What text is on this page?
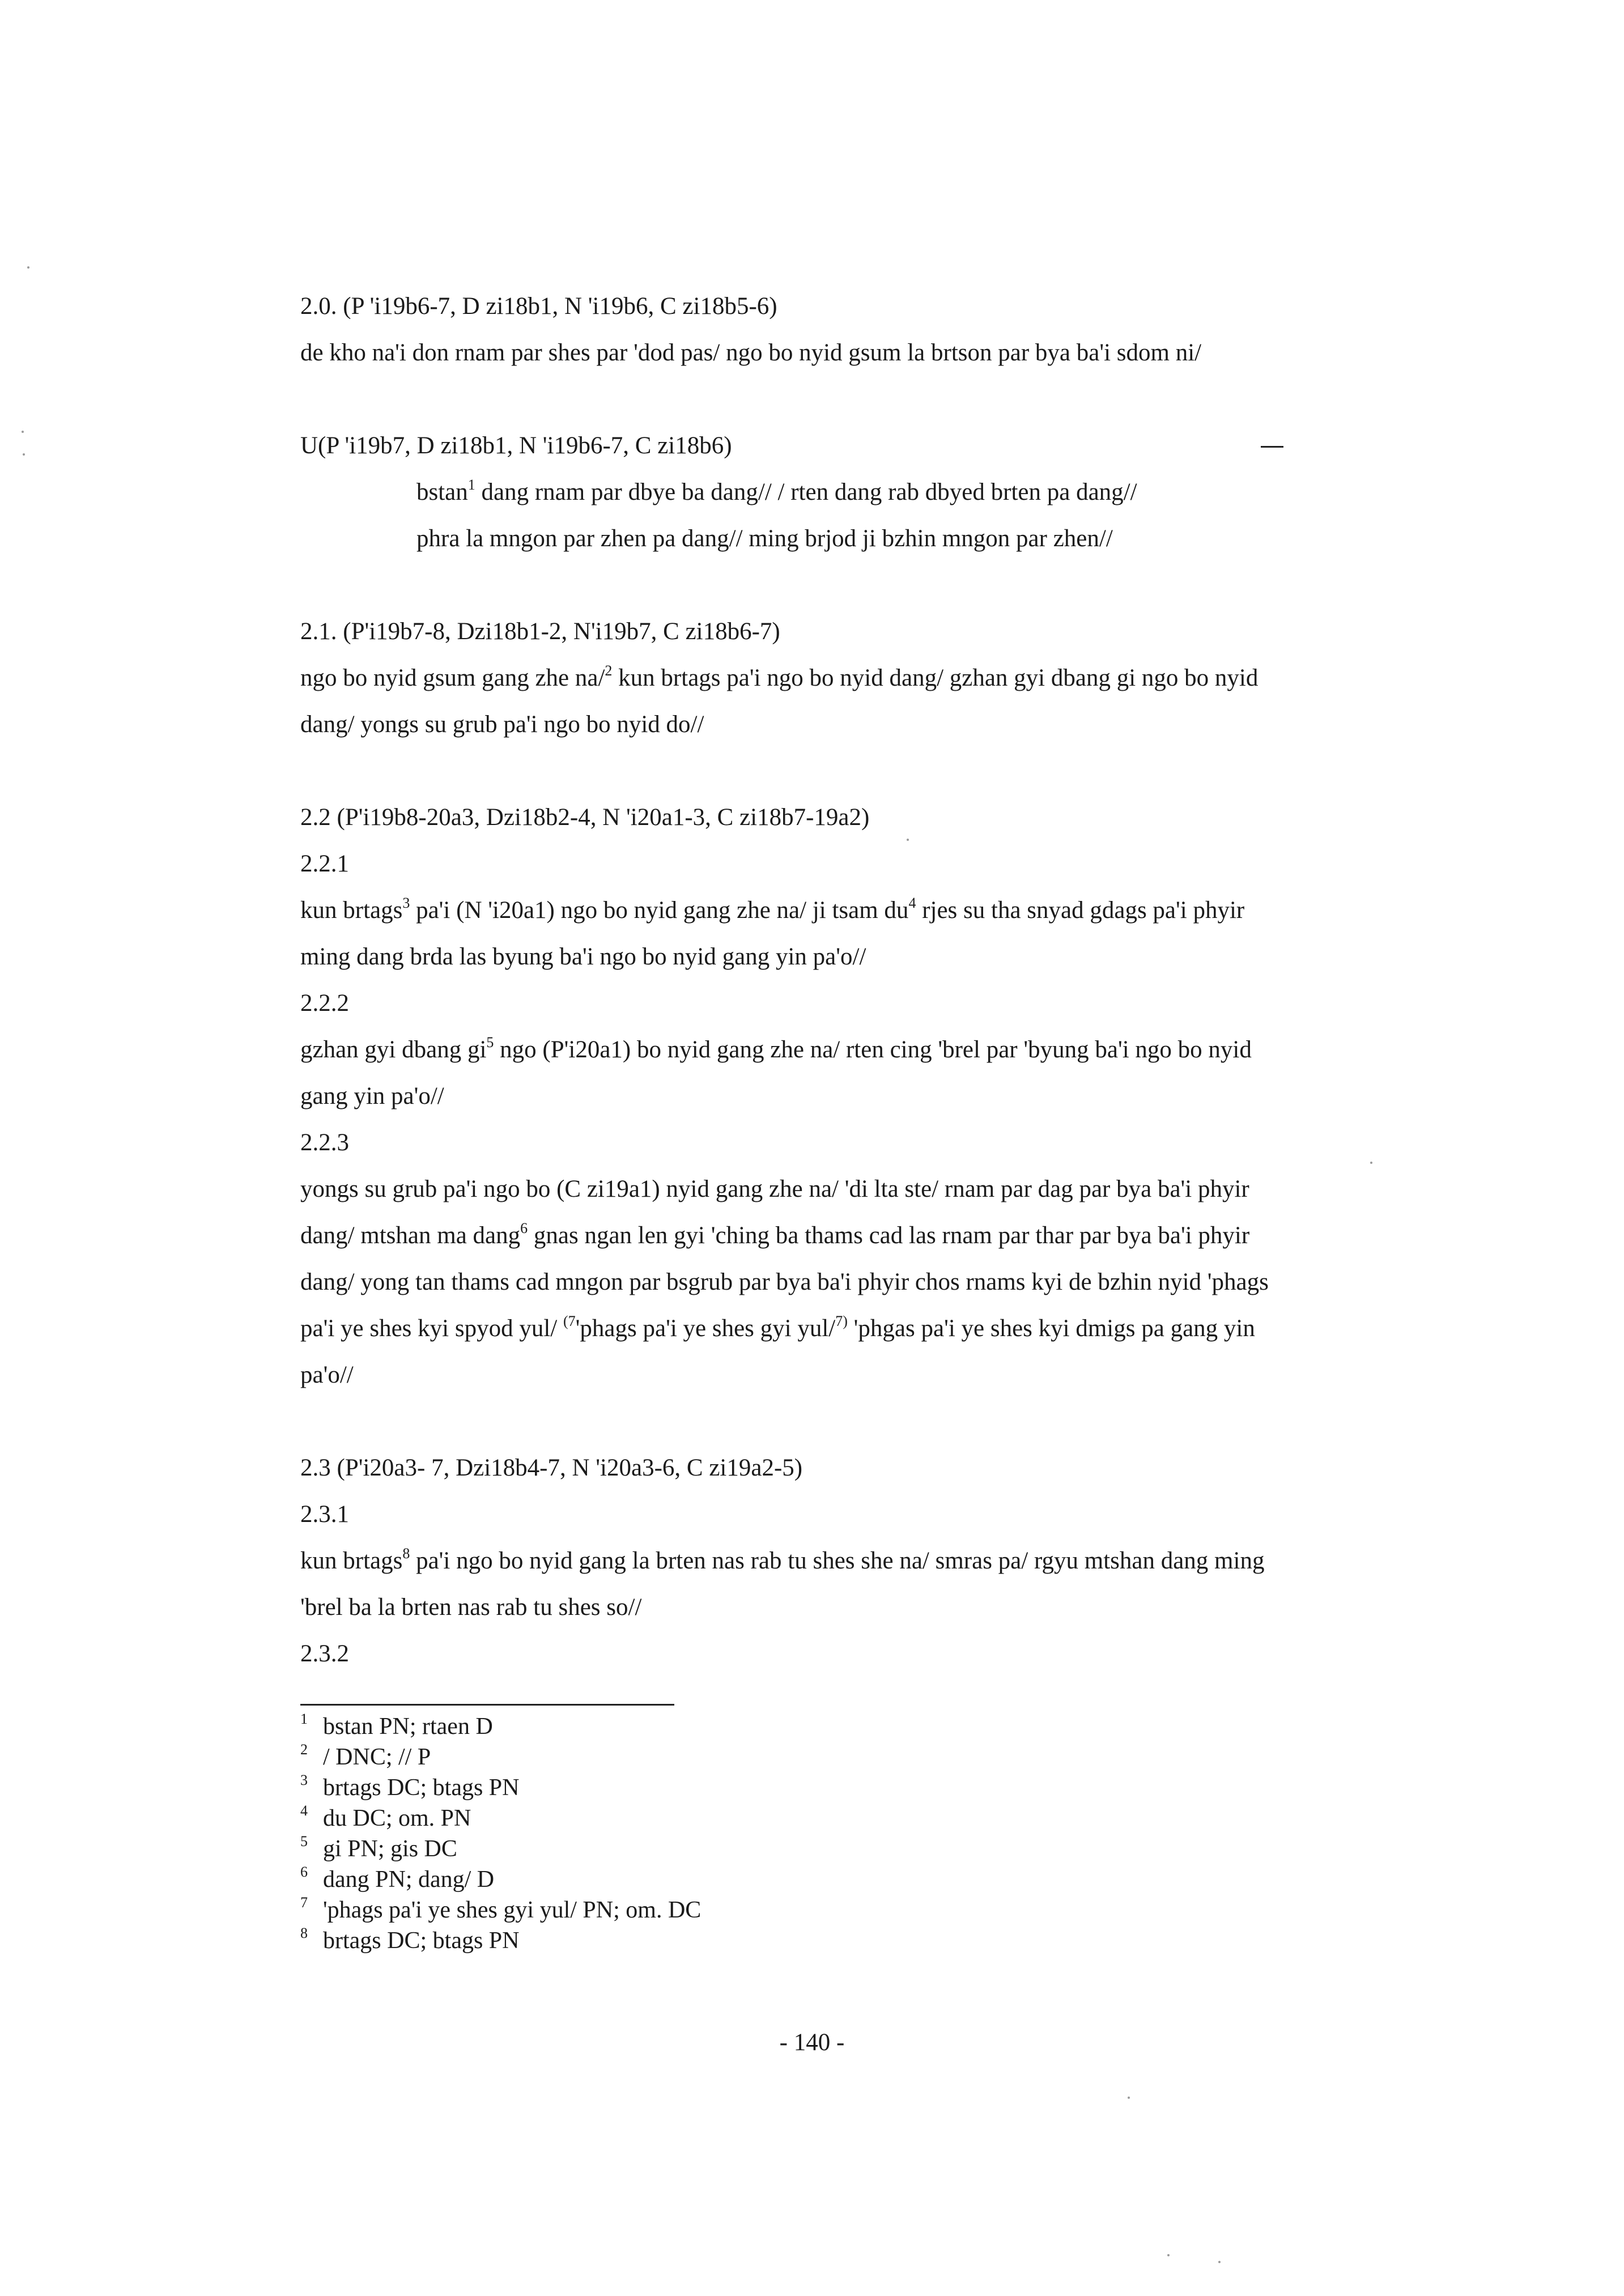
2.0. (P 'i19b6-7, D zi18b1, N 'i19b6, C zi18b5-6)
de kho na'i don rnam par shes par 'dod pas/ ngo bo nyid gsum la brtson par bya ba'i sdom ni/
U(P 'i19b7, D zi18b1, N 'i19b6-7, C zi18b6)
bstan$^1$ dang rnam par dbye ba dang// / rten dang rab dbyed brten pa dang//
phra la mngon par zhen pa dang// ming brjod ji bzhin mngon par zhen//
2.1. (P'i19b7-8, Dzi18b1-2, N'i19b7, C zi18b6-7)
ngo bo nyid gsum gang zhe na/$^2$ kun brtags pa'i ngo bo nyid dang/ gzhan gyi dbang gi ngo bo nyid
dang/ yongs su grub pa'i ngo bo nyid do//
2.2 (P'i19b8-20a3, Dzi18b2-4, N 'i20a1-3, C zi18b7-19a2)
2.2.1
kun brtags$^3$ pa'i (N 'i20a1) ngo bo nyid gang zhe na/ ji tsam $du^4$ rjes su tha snyad gdags pa'i phyir
ming dang brda las byung ba'i ngo bo nyid gang yin pa'o//
2.2.2
gzhan gyi dbang $gi^5$ ngo (P'i20a1) bo nyid gang zhe na/ rten cing 'brel par 'byung ba'i ngo bo nyid
gang yin pa'o//
2.2.3
yongs su grub pa'i ngo bo (C zi19a1) nyid gang zhe na/ 'di lta ste/ rnam par dag par bya ba'i phyir
dang/ mtshan ma dang$^6$ gnas ngan len gyi 'ching ba thams cad las rnam par thar par bya ba'i phyir
dang/ yong tan thams cad mngon par bsgrub par bya ba'i phyir chos rnams kyi de bzhin nyid 'phags
pa'i ye shes kyi spyod yul/ $^{(7}$'phags pa'i ye shes gyi yul/$^{7)}$ 'phgas pa'i ye shes kyi dmigs pa gang yin
pa'o//
2.3 (P'i20a3- 7, Dzi18b4-7, N 'i20a3-6, C zi19a2-5)
2.3.1
kun brtags$^8$ pa'i ngo bo nyid gang la brten nas rab tu shes she na/ smras pa/ rgyu mtshan dang ming
'brel ba la brten nas rab tu shes so//
2.3.2
1 bstan PN; rtaen D
2 / DNC; // P
3 brtags DC; btags PN
4 du DC; om. PN
5 gi PN; gis DC
6 dang PN; dang/ D
7 'phags pa'i ye shes gyi yul/ PN; om. DC
8 brtags DC; btags PN
- 140 -
